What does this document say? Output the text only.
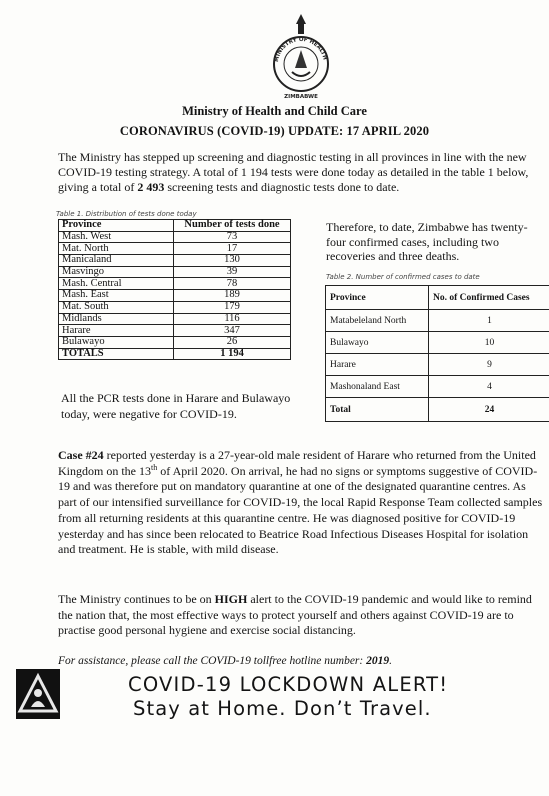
MINISTRY OF HEALTH
ZIMBABWE
Ministry of Health and Child Care
CORONAVIRUS (COVID-19) UPDATE: 17 APRIL 2020
The Ministry has stepped up screening and diagnostic testing in all provinces in line with the new COVID-19 testing strategy. A total of 1 194 tests were done today as detailed in the table 1 below, giving a total of 2 493 screening tests and diagnostic tests done to date.
Table 1. Distribution of tests done today
Province	Number of tests done
Mash. West	73
Mat. North	17
Manicaland	130
Masvingo	39
Mash. Central	78
Mash. East	189
Mat. South	179
Midlands	116
Harare	347
Bulawayo	26
TOTALS	1 194
All the PCR tests done in Harare and Bulawayo today, were negative for COVID-19.
Therefore, to date, Zimbabwe has twenty-four confirmed cases, including two recoveries and three deaths.
Table 2. Number of confirmed cases to date
Province	No. of Confirmed Cases
Matabeleland North	1
Bulawayo	10
Harare	9
Mashonaland East	4
Total	24
Case #24 reported yesterday is a 27-year-old male resident of Harare who returned from the United Kingdom on the 13th of April 2020. On arrival, he had no signs or symptoms suggestive of COVID-19 and was therefore put on mandatory quarantine at one of the designated quarantine centres. As part of our intensified surveillance for COVID-19, the local Rapid Response Team collected samples from all returning residents at this quarantine centre. He was diagnosed positive for COVID-19 yesterday and has since been relocated to Beatrice Road Infectious Diseases Hospital for isolation and treatment. He is stable, with mild disease.
The Ministry continues to be on HIGH alert to the COVID-19 pandemic and would like to remind the nation that, the most effective ways to protect yourself and others against COVID-19 are to practise good personal hygiene and exercise social distancing.
For assistance, please call the COVID-19 tollfree hotline number: 2019.
COVID-19 LOCKDOWN ALERT!
Stay at Home. Don’t Travel.
